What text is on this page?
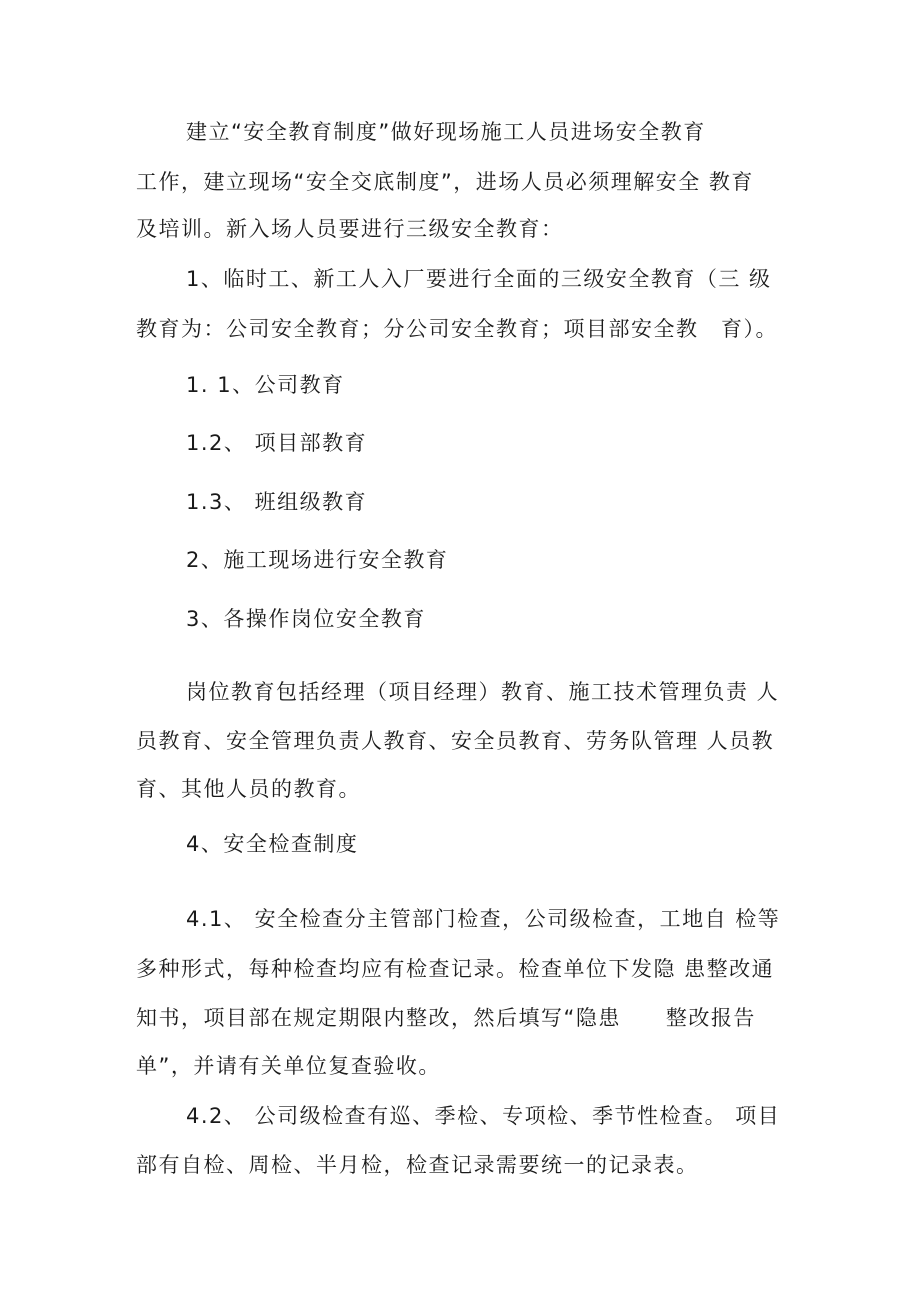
建立“安全教育制度”做好现场施工人员进场安全教育
工作，建立现场“安全交底制度”，进场人员必须理解安全 教育
及培训。新入场人员要进行三级安全教育：
1、临时工、新工人入厂要进行全面的三级安全教育（三 级
教育为：公司安全教育；分公司安全教育；项目部安全教　育）。
1. 1、公司教育
1.2、 项目部教育
1.3、 班组级教育
2、施工现场进行安全教育
3、各操作岗位安全教育
岗位教育包括经理（项目经理）教育、施工技术管理负责 人
员教育、安全管理负责人教育、安全员教育、劳务队管理 人员教
育、其他人员的教育。
4、安全检查制度
4.1、 安全检查分主管部门检查，公司级检查，工地自 检等
多种形式，每种检查均应有检查记录。检查单位下发隐 患整改通
知书，项目部在规定期限内整改，然后填写“隐患　　整改报告
单”，并请有关单位复查验收。
4.2、 公司级检查有巡、季检、专项检、季节性检查。 项目
部有自检、周检、半月检，检查记录需要统一的记录表。
